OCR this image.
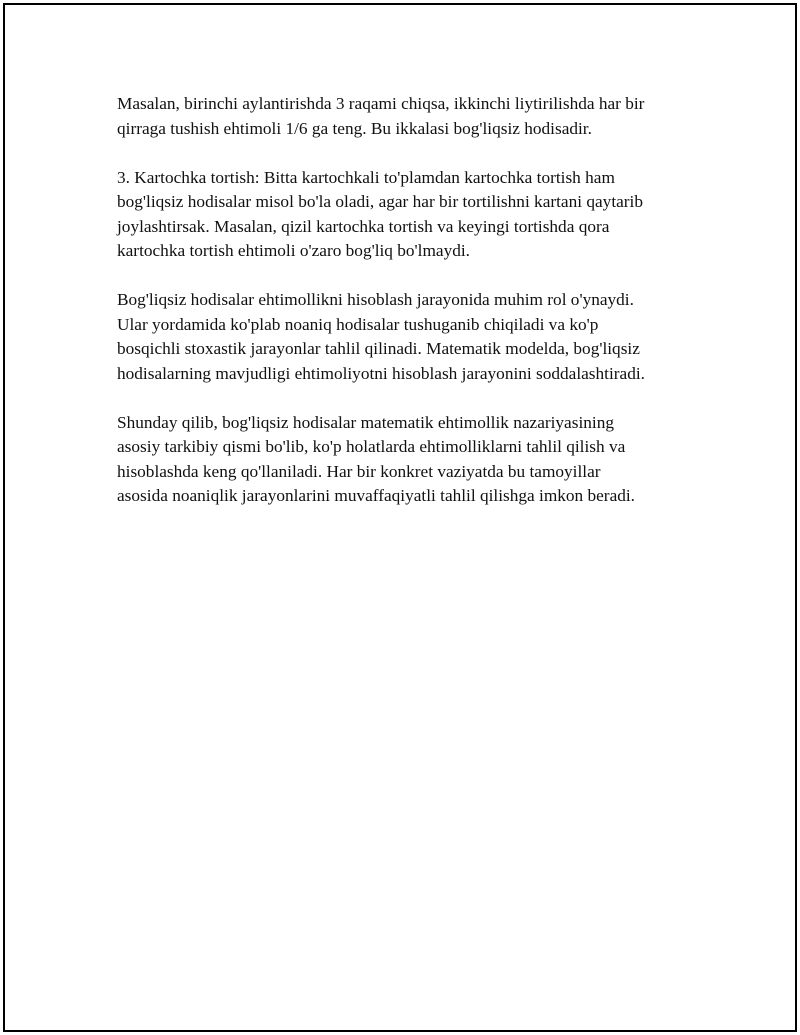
Masalan, birinchi aylantirishda 3 raqami chiqsa, ikkinchi liytirilishda har bir
qirraga tushish ehtimoli 1/6 ga teng. Bu ikkalasi bog'liqsiz hodisadir.

3. Kartochka tortish: Bitta kartochkali to'plamdan kartochka tortish ham
bog'liqsiz hodisalar misol bo'la oladi, agar har bir tortilishni kartani qaytarib
joylashtirsak. Masalan, qizil kartochka tortish va keyingi tortishda qora
kartochka tortish ehtimoli o'zaro bog'liq bo'lmaydi.

Bog'liqsiz hodisalar ehtimollikni hisoblash jarayonida muhim rol o'ynaydi.
Ular yordamida ko'plab noaniq hodisalar tushuganib chiqiladi va ko'p
bosqichli stoxastik jarayonlar tahlil qilinadi. Matematik modelda, bog'liqsiz
hodisalarning mavjudligi ehtimoliyotni hisoblash jarayonini soddalashtiradi.

Shunday qilib, bog'liqsiz hodisalar matematik ehtimollik nazariyasining
asosiy tarkibiy qismi bo'lib, ko'p holatlarda ehtimolliklarni tahlil qilish va
hisoblashda keng qo'llaniladi. Har bir konkret vaziyatda bu tamoyillar
asosida noaniqlik jarayonlarini muvaffaqiyatli tahlil qilishga imkon beradi.
